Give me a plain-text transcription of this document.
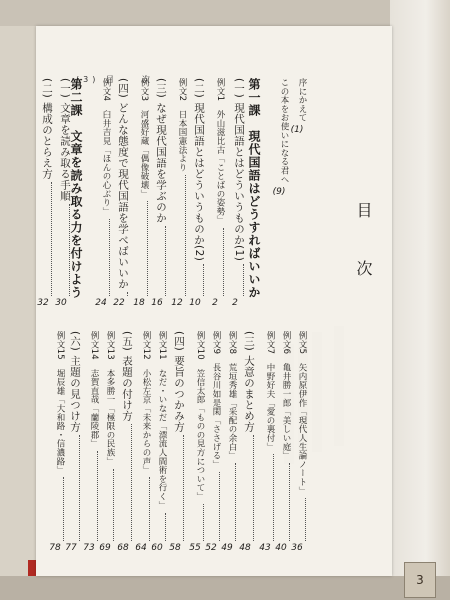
3
(3) 目　　次
目次
序にかえて
(1)
この本をお使いになる君へ
(9)
第一課　現代国語はどうすればいいか
(一) 現代国語とはどういうものか(1)
2
例文1　外山滋比古「ことばの姿勢」
2
(二) 現代国語とはどういうものか(2)
10
例文2　日本国憲法より
12
(三) なぜ現代国語を学ぶのか
16
例文3　河盛好蔵「偶像破壊」
18
(四) どんな態度で現代国語を学べばいいか
22
例文4　臼井吉見「ほんの心ぶり」
24
第二課　文章を読み取る力を付けよう
(一) 文章を読み取る手順
30
(二) 構成のとらえ方
32
例文5　矢内原伊作「現代人生論ノート」
36
例文6　亀井勝一郎「美しい庭」
40
例文7　中野好夫「愛の裏付」
43
(三) 大意のまとめ方
48
例文8　荒垣秀雄「采配の余白」
49
例文9　長谷川如是閑「ささげる」
52
例文10　笠信太郎「ものの見方について」
55
(四) 要旨のつかみ方
58
例文11　なだ・いなだ「漂流人間術を行く」
60
例文12　小松左京「未来からの声」
64
(五) 表題の付け方
68
例文13　本多勝一「極限の民族」
69
例文14　志賀直哉「蘭陵郡」
73
(六) 主題の見つけ方
77
例文15　堀辰雄「大和路・信濃路」
78
